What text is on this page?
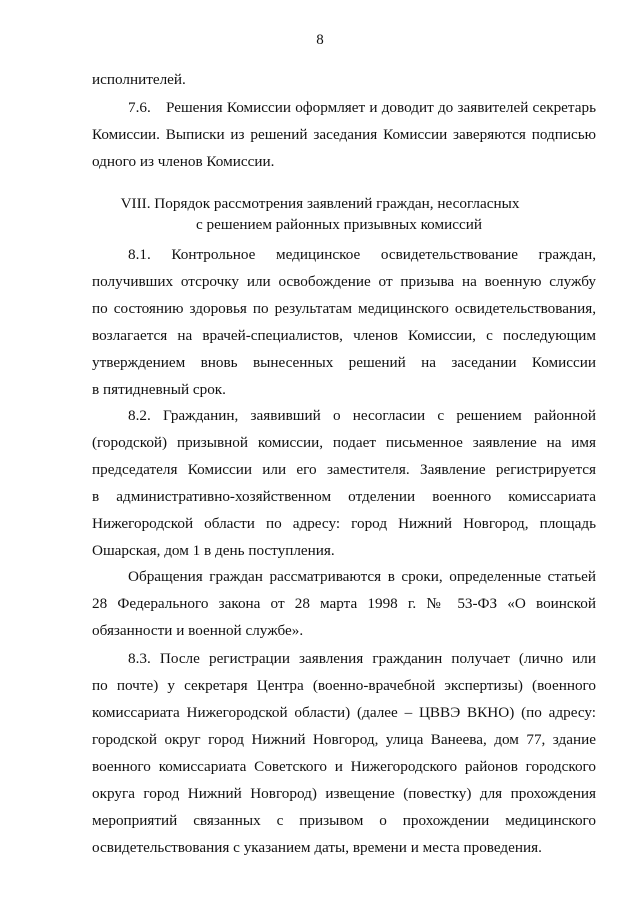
8
исполнителей.
7.6. Решения Комиссии оформляет и доводит до заявителей секретарь
Комиссии. Выписки из решений заседания Комиссии заверяются подписью
одного из членов Комиссии.
VIII. Порядок рассмотрения заявлений граждан, несогласных
с решением районных призывных комиссий
8.1. Контрольное медицинское освидетельствование граждан,
получивших отсрочку или освобождение от призыва на военную службу
по состоянию здоровья по результатам медицинского освидетельствования,
возлагается на врачей-специалистов, членов Комиссии, с последующим
утверждением вновь вынесенных решений на заседании Комиссии
в пятидневный срок.
8.2. Гражданин, заявивший о несогласии с решением районной
(городской) призывной комиссии, подает письменное заявление на имя
председателя Комиссии или его заместителя. Заявление регистрируется
в административно-хозяйственном отделении военного комиссариата
Нижегородской области по адресу: город Нижний Новгород, площадь
Ошарская, дом 1 в день поступления.
Обращения граждан рассматриваются в сроки, определенные статьей
28 Федерального закона от 28 марта 1998 г. № 53-ФЗ «О воинской
обязанности и военной службе».
8.3. После регистрации заявления гражданин получает (лично или
по почте) у секретаря Центра (военно-врачебной экспертизы) (военного
комиссариата Нижегородской области) (далее – ЦВВЭ ВКНО) (по адресу:
городской округ город Нижний Новгород, улица Ванеева, дом 77, здание
военного комиссариата Советского и Нижегородского районов городского
округа город Нижний Новгород) извещение (повестку) для прохождения
мероприятий связанных с призывом о прохождении медицинского
освидетельствования с указанием даты, времени и места проведения.
